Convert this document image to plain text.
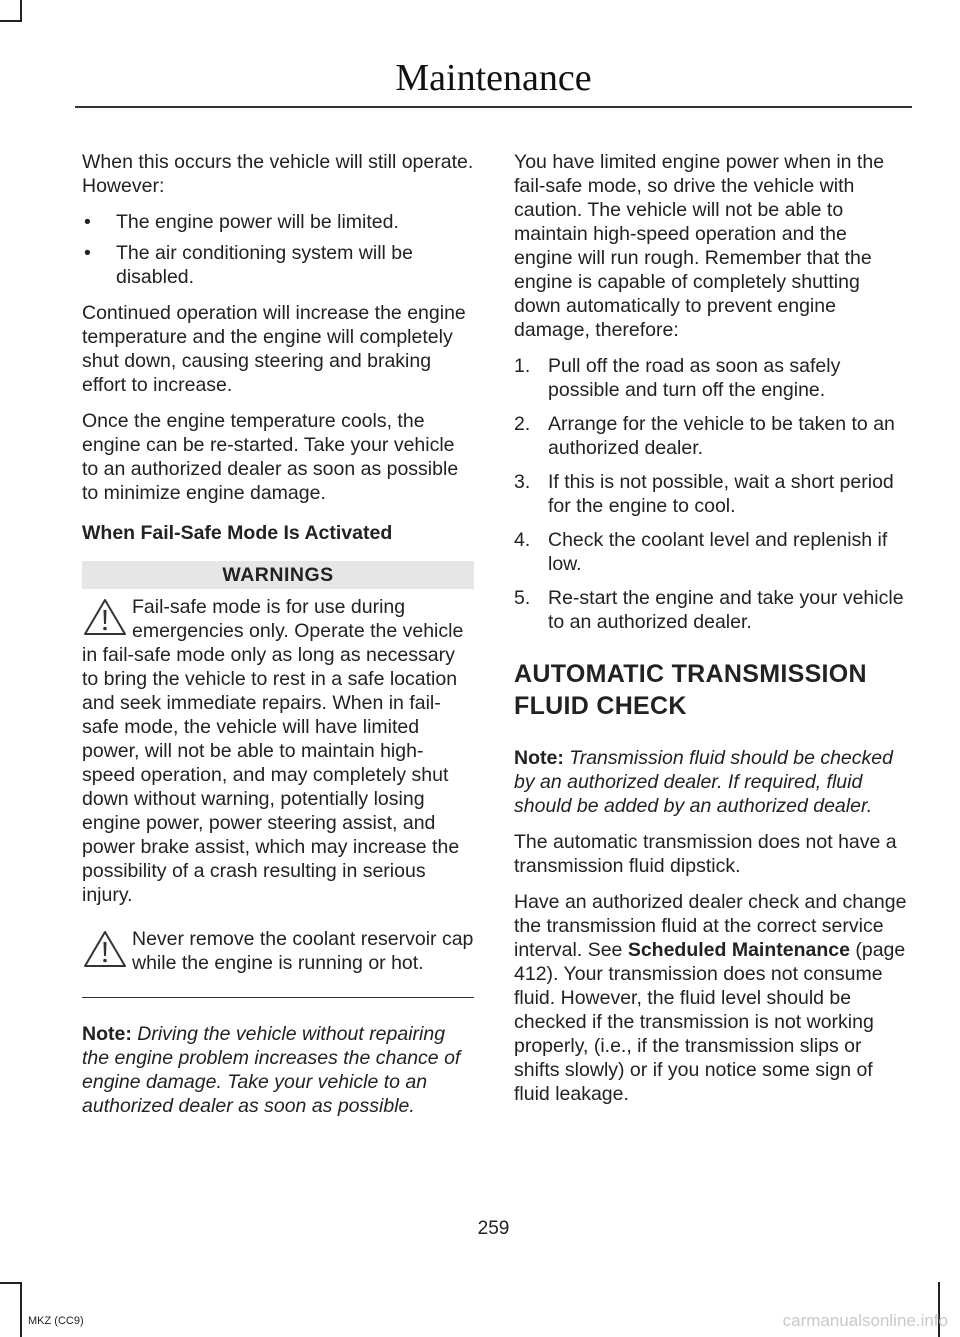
Maintenance

When this occurs the vehicle will still operate. However:

• The engine power will be limited.
• The air conditioning system will be disabled.

Continued operation will increase the engine temperature and the engine will completely shut down, causing steering and braking effort to increase.

Once the engine temperature cools, the engine can be re-started. Take your vehicle to an authorized dealer as soon as possible to minimize engine damage.

When Fail-Safe Mode Is Activated
WARNINGS
Fail-safe mode is for use during emergencies only. Operate the vehicle in fail-safe mode only as long as necessary to bring the vehicle to rest in a safe location and seek immediate repairs. When in fail-safe mode, the vehicle will have limited power, will not be able to maintain high-speed operation, and may completely shut down without warning, potentially losing engine power, power steering assist, and power brake assist, which may increase the possibility of a crash resulting in serious injury.
Never remove the coolant reservoir cap while the engine is running or hot.

Note: Driving the vehicle without repairing the engine problem increases the chance of engine damage. Take your vehicle to an authorized dealer as soon as possible.

You have limited engine power when in the fail-safe mode, so drive the vehicle with caution. The vehicle will not be able to maintain high-speed operation and the engine will run rough. Remember that the engine is capable of completely shutting down automatically to prevent engine damage, therefore:

1. Pull off the road as soon as safely possible and turn off the engine.
2. Arrange for the vehicle to be taken to an authorized dealer.
3. If this is not possible, wait a short period for the engine to cool.
4. Check the coolant level and replenish if low.
5. Re-start the engine and take your vehicle to an authorized dealer.
AUTOMATIC TRANSMISSION
FLUID CHECK

Note: Transmission fluid should be checked by an authorized dealer. If required, fluid should be added by an authorized dealer.

The automatic transmission does not have a transmission fluid dipstick.

Have an authorized dealer check and change the transmission fluid at the correct service interval. See Scheduled Maintenance (page 412). Your transmission does not consume fluid. However, the fluid level should be checked if the transmission is not working properly, (i.e., if the transmission slips or shifts slowly) or if you notice some sign of fluid leakage.

259
MKZ (CC9)	carmanualsonline.info
